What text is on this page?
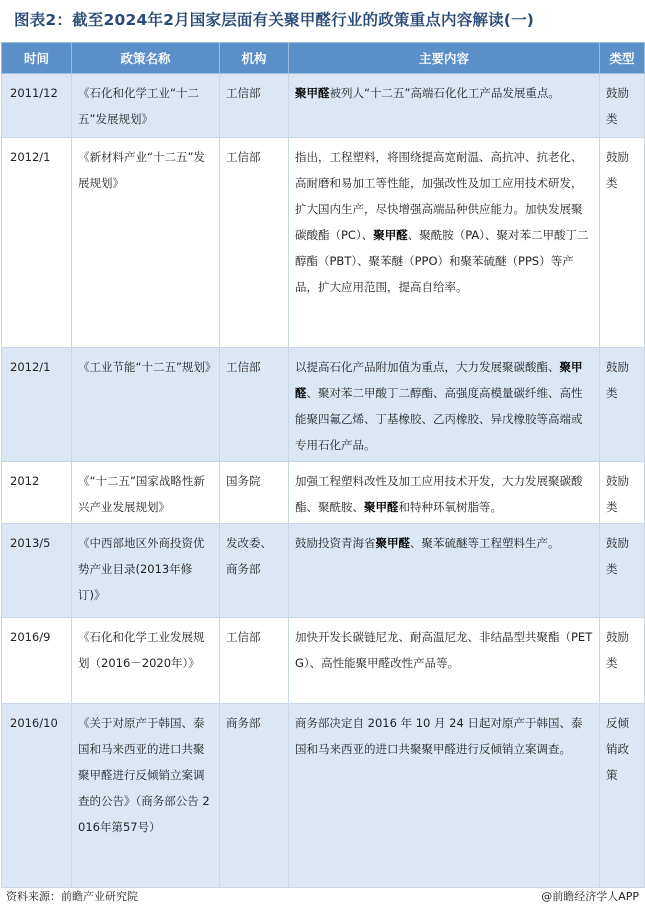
图表2：截至2024年2月国家层面有关聚甲醛行业的政策重点内容解读(一)
时间	政策名称	机构	主要内容	类型
2011/12	《石化和化学工业“十二五”发展规划》	工信部	聚甲醛被列人“十二五”高端石化化工产品发展重点。	鼓励类
2012/1	《新材料产业“十二五”发展规划》	工信部	指出，工程塑料，将围绕提高宽耐温、高抗冲、抗老化、高耐磨和易加工等性能，加强改性及加工应用技术研发，扩大国内生产，尽快增强高端品种供应能力。加快发展聚碳酸酯（PC）、聚甲醛、聚酰胺（PA）、聚对苯二甲酸丁二醇酯（PBT）、聚苯醚（PPO）和聚苯硫醚（PPS）等产品，扩大应用范围，提高自给率。	鼓励类
2012/1	《工业节能“十二五”规划》	工信部	以提高石化产品附加值为重点，大力发展聚碳酸酯、聚甲醛、聚对苯二甲酸丁二醇酯、高强度高模量碳纤维、高性能聚四氟乙烯、丁基橡胶、乙丙橡胶、异戊橡胶等高端或专用石化产品。	鼓励类
2012	《“十二五”国家战略性新兴产业发展规划》	国务院	加强工程塑料改性及加工应用技术开发，大力发展聚碳酸酯、聚酰胺、聚甲醛和特种环氧树脂等。	鼓励类
2013/5	《中西部地区外商投资优势产业目录(2013年修订)》	发改委、商务部	鼓励投资青海省聚甲醛、聚苯硫醚等工程塑料生产。	鼓励类
2016/9	《石化和化学工业发展规划（2016－2020年）》	工信部	加快开发长碳链尼龙、耐高温尼龙、非结晶型共聚酯（PETG）、高性能聚甲醛改性产品等。	鼓励类
2016/10	《关于对原产于韩国、泰国和马来西亚的进口共聚聚甲醛进行反倾销立案调查的公告》（商务部公告 2016年第57号）	商务部	商务部决定自 2016 年 10 月 24 日起对原产于韩国、泰国和马来西亚的进口共聚聚甲醛进行反倾销立案调查。	反倾销政策
资料来源：前瞻产业研究院	@前瞻经济学人APP
